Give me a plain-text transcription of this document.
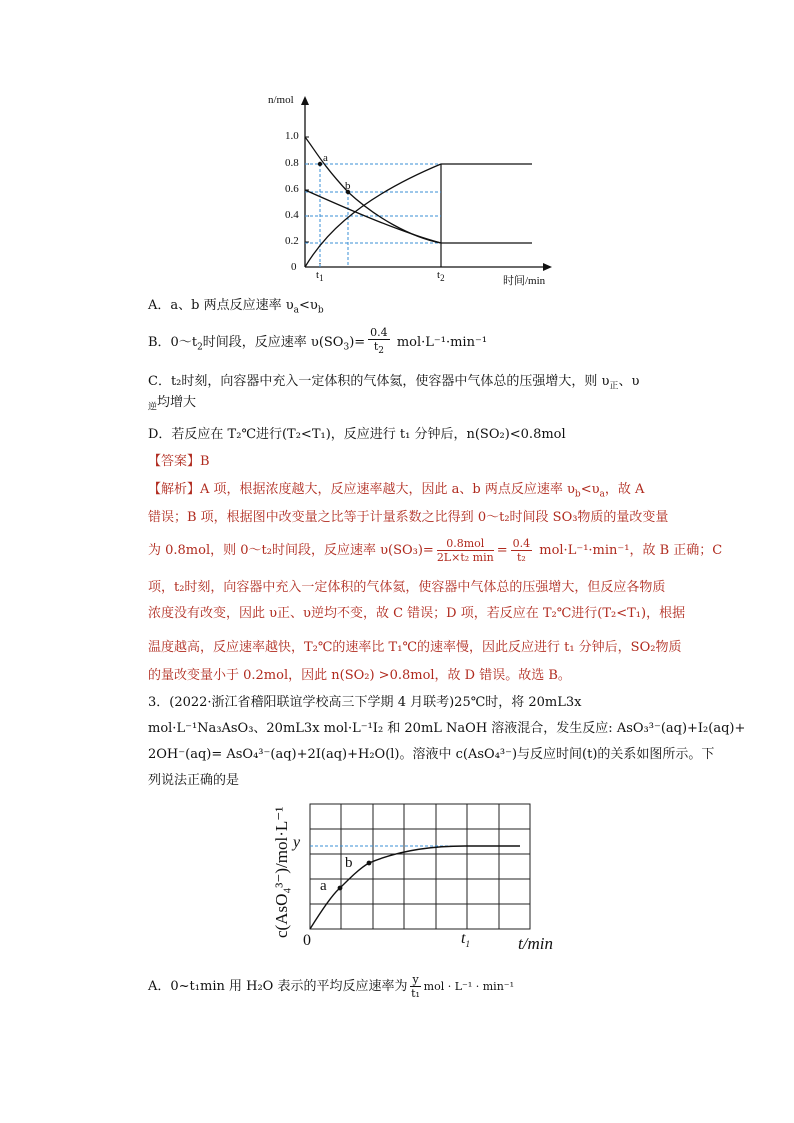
n/mol
1.0
0.8
0.6
0.4
0.2
0
$t_1$	$t_2$	时间/min
a
b
A．a、b 两点反应速率 $\upsilon_a<\upsilon_b$
B．$0\sim t_2$时间段，反应速率 $\upsilon(SO_3)= \frac{0.4}{t_2} mol\cdot L^{-1}\cdot\min^{-1}$
C．t₂时刻，向容器中充入一定体积的气体氦，使容器中气体总的压强增大，则 $\upsilon_正$、υ
$_逆$均增大
D．若反应在 T₂℃进行(T₂<T₁)，反应进行 t₁ 分钟后，n(SO₂)<0.8mol
【答案】B
【解析】A 项，根据浓度越大，反应速率越大，因此 a、b 两点反应速率 $\upsilon_b<\upsilon_a$，故 A
错误；B 项，根据图中改变量之比等于计量系数之比得到 0～t₂时间段 SO₃物质的量改变量
为 0.8mol，则 0～t₂时间段，反应速率 $\upsilon(SO_3)= \frac{\text{0.8mol}}{\text{2L×t₂ min}} = \frac{0.4}{\text{t₂}} mol\cdot L^{-1}\cdot\min^{-1}$，故 B 正确；C
项，t₂时刻，向容器中充入一定体积的气体氦，使容器中气体总的压强增大，但反应各物质
浓度没有改变，因此 υ正、υ逆均不变，故 C 错误；D 项，若反应在 T₂℃进行(T₂<T₁)，根据
温度越高，反应速率越快，T₂℃的速率比 T₁℃的速率慢，因此反应进行 t₁ 分钟后，SO₂物质
的量改变量小于 0.2mol，因此 n(SO₂) >0.8mol，故 D 错误。故选 B。
3．(2022·浙江省稽阳联谊学校高三下学期 4 月联考)25℃时，将 20mL3x
mol·L⁻¹Na₃AsO₃、20mL3x mol·L⁻¹I₂ 和 20mL NaOH 溶液混合，发生反应: AsO₃³⁻(aq)+I₂(aq)+
2OH⁻(aq)= AsO₄³⁻(aq)+2I(aq)+H₂O(l)。溶液中 c(AsO₄³⁻)与反应时间(t)的关系如图所示。下
列说法正确的是
c(AsO₄³⁻)/mol·L⁻¹ y
0	$t_1$	t/min
a
b
A．0~t₁min 用 H₂O 表示的平均反应速率为 $\frac{y}{\text{t₁}}$ mol · L⁻¹ · min⁻¹
